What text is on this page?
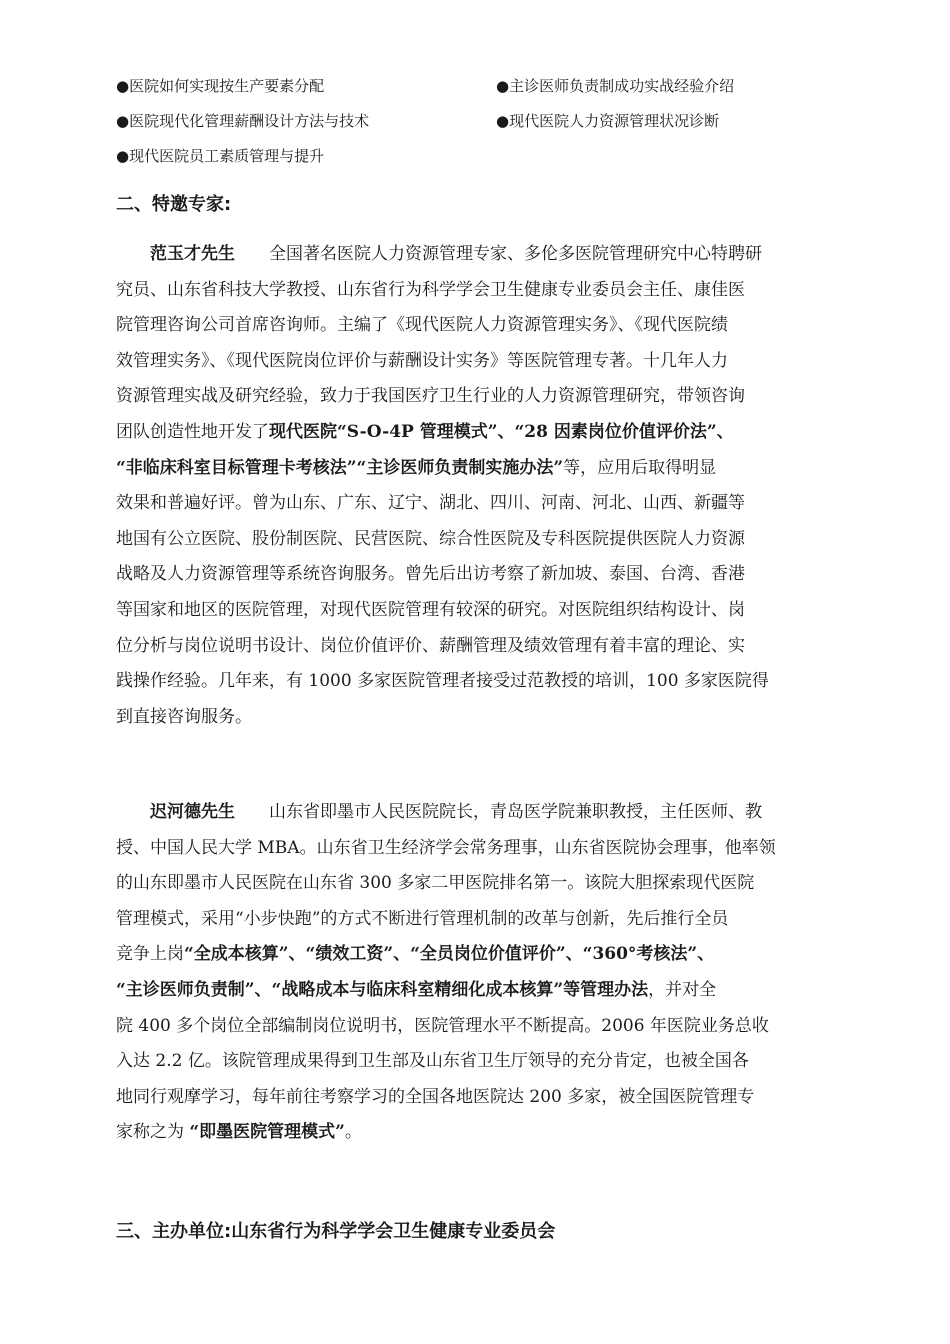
●医院如何实现按生产要素分配	●主诊医师负责制成功实战经验介绍
●医院现代化管理薪酬设计方法与技术	●现代医院人力资源管理状况诊断
●现代医院员工素质管理与提升
二、特邀专家:
范玉才先生 全国著名医院人力资源管理专家、多伦多医院管理研究中心特聘研
究员、山东省科技大学教授、山东省行为科学学会卫生健康专业委员会主任、康佳医
院管理咨询公司首席咨询师。主编了《现代医院人力资源管理实务》、《现代医院绩
效管理实务》、《现代医院岗位评价与薪酬设计实务》等医院管理专著。十几年人力
资源管理实战及研究经验，致力于我国医疗卫生行业的人力资源管理研究，带领咨询
团队创造性地开发了现代医院“S-O-4P 管理模式”、“28 因素岗位价值评价法”、
“非临床科室目标管理卡考核法”“主诊医师负责制实施办法”等，应用后取得明显
效果和普遍好评。曾为山东、广东、辽宁、湖北、四川、河南、河北、山西、新疆等
地国有公立医院、股份制医院、民营医院、综合性医院及专科医院提供医院人力资源
战略及人力资源管理等系统咨询服务。曾先后出访考察了新加坡、泰国、台湾、香港
等国家和地区的医院管理，对现代医院管理有较深的研究。对医院组织结构设计、岗
位分析与岗位说明书设计、岗位价值评价、薪酬管理及绩效管理有着丰富的理论、实
践操作经验。几年来，有 1000 多家医院管理者接受过范教授的培训，100 多家医院得
到直接咨询服务。
迟河德先生 山东省即墨市人民医院院长，青岛医学院兼职教授，主任医师、教
授、中国人民大学 MBA。山东省卫生经济学会常务理事，山东省医院协会理事，他率领
的山东即墨市人民医院在山东省 300 多家二甲医院排名第一。该院大胆探索现代医院
管理模式，采用“小步快跑”的方式不断进行管理机制的改革与创新，先后推行全员
竞争上岗“全成本核算”、“绩效工资”、“全员岗位价值评价”、“360°考核法”、
“主诊医师负责制”、“战略成本与临床科室精细化成本核算”等管理办法，并对全
院 400 多个岗位全部编制岗位说明书，医院管理水平不断提高。2006 年医院业务总收
入达 2.2 亿。该院管理成果得到卫生部及山东省卫生厅领导的充分肯定，也被全国各
地同行观摩学习，每年前往考察学习的全国各地医院达 200 多家，被全国医院管理专
家称之为 “即墨医院管理模式”。
三、主办单位:山东省行为科学学会卫生健康专业委员会
